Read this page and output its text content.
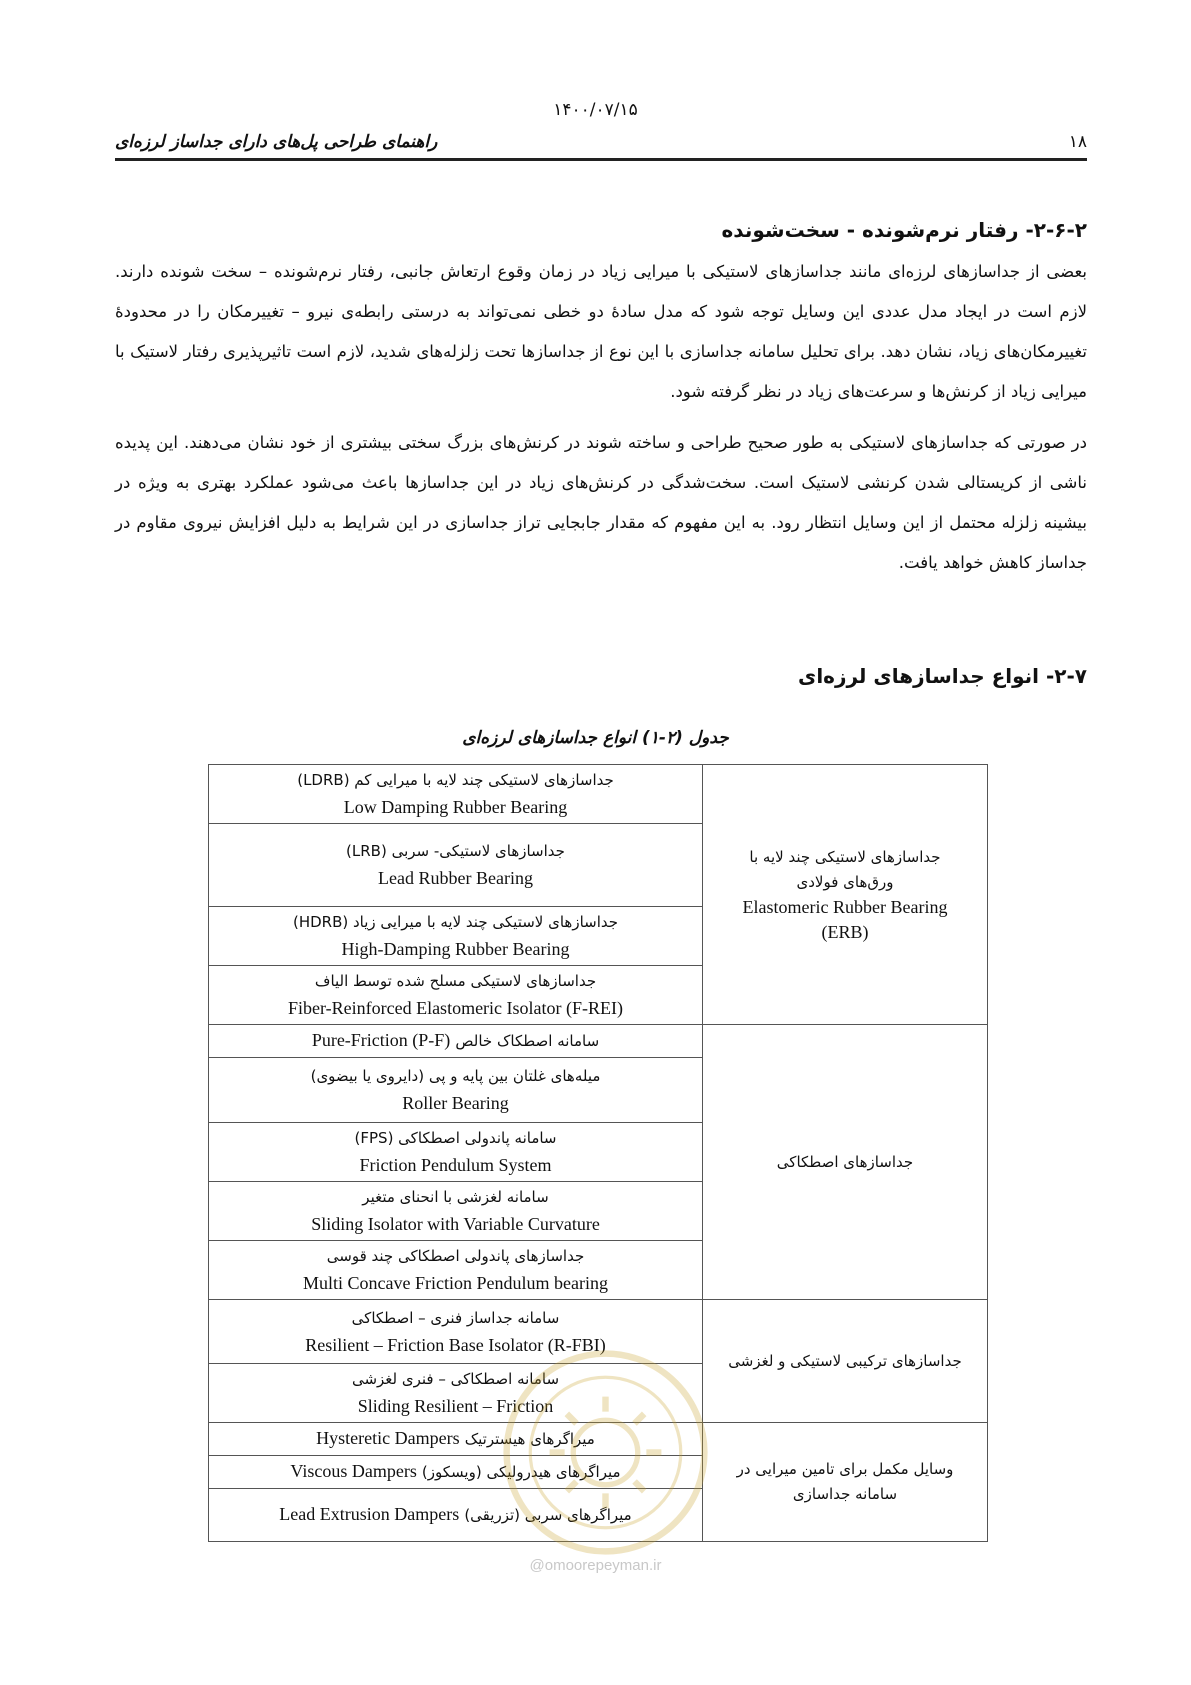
۱۴۰۰/۰۷/۱۵
۱۸
راهنمای طراحی پل‌های دارای جداساز لرزه‌ای
۲-۶-۲- رفتار نرم‌شونده - سخت‌شونده

بعضی از جداسازهای لرزه‌ای مانند جداسازهای لاستیکی با میرایی زیاد در زمان وقوع ارتعاش جانبی، رفتار نرم‌شونده – سخت شونده دارند. لازم است در ایجاد مدل عددی این وسایل توجه شود که مدل سادهٔ دو خطی نمی‌تواند به درستی رابطه‌ی نیرو – تغییرمکان را در محدودهٔ تغییرمکان‌های زیاد، نشان دهد. برای تحلیل سامانه جداسازی با این نوع از جداسازها تحت زلزله‌های شدید، لازم است تاثیرپذیری رفتار لاستیک با میرایی زیاد از کرنش‌ها و سرعت‌های زیاد در نظر گرفته شود.

در صورتی که جداسازهای لاستیکی به طور صحیح طراحی و ساخته شوند در کرنش‌های بزرگ سختی بیشتری از خود نشان می‌دهند. این پدیده ناشی از کریستالی شدن کرنشی لاستیک است. سخت‌شدگی در کرنش‌های زیاد در این جداسازها باعث می‌شود عملکرد بهتری به ویژه در بیشینه زلزله محتمل از این وسایل انتظار رود. به این مفهوم که مقدار جابجایی تراز جداسازی در این شرایط به دلیل افزایش نیروی مقاوم در جداساز کاهش خواهد یافت.

۲-۷- انواع جداسازهای لرزه‌ای
جدول (۲-۱) انواع جداسازهای لرزه‌ای
جداسازهای لاستیکی چند لایه با
ورق‌های فولادی
Elastomeric Rubber Bearing
(ERB)	جداسازهای لاستیکی چند لایه با میرایی کم (LDRB)
Low Damping Rubber Bearing

	جداسازهای لاستیکی- سربی (LRB)
Lead Rubber Bearing

	جداسازهای لاستیکی چند لایه با میرایی زیاد (HDRB)
High-Damping Rubber Bearing

	جداسازهای لاستیکی مسلح شده توسط الیاف
Fiber-Reinforced Elastomeric Isolator (F-REI)

جداسازهای اصطکاکی	سامانه اصطکاک خالص Pure-Friction (P-F)

	میله‌های غلتان بین پایه و پی (دایروی یا بیضوی)
Roller Bearing

	سامانه پاندولی اصطکاکی (FPS)
Friction Pendulum System

	سامانه لغزشی با انحنای متغیر
Sliding Isolator with Variable Curvature

	جداسازهای پاندولی اصطکاکی چند قوسی
Multi Concave Friction Pendulum bearing

جداسازهای ترکیبی لاستیکی و لغزشی	سامانه جداساز فنری – اصطکاکی
Resilient – Friction Base Isolator (R-FBI)

	سامانه اصطکاکی – فنری لغزشی
Sliding Resilient – Friction

وسایل مکمل برای تامین میرایی در
سامانه جداسازی	میراگرهای هیسترتیک Hysteretic Dampers

	میراگرهای هیدرولیکی (ویسکوز) Viscous Dampers

	میراگرهای سربی (تزریقی) Lead Extrusion Dampers
@omoorepeyman.ir
